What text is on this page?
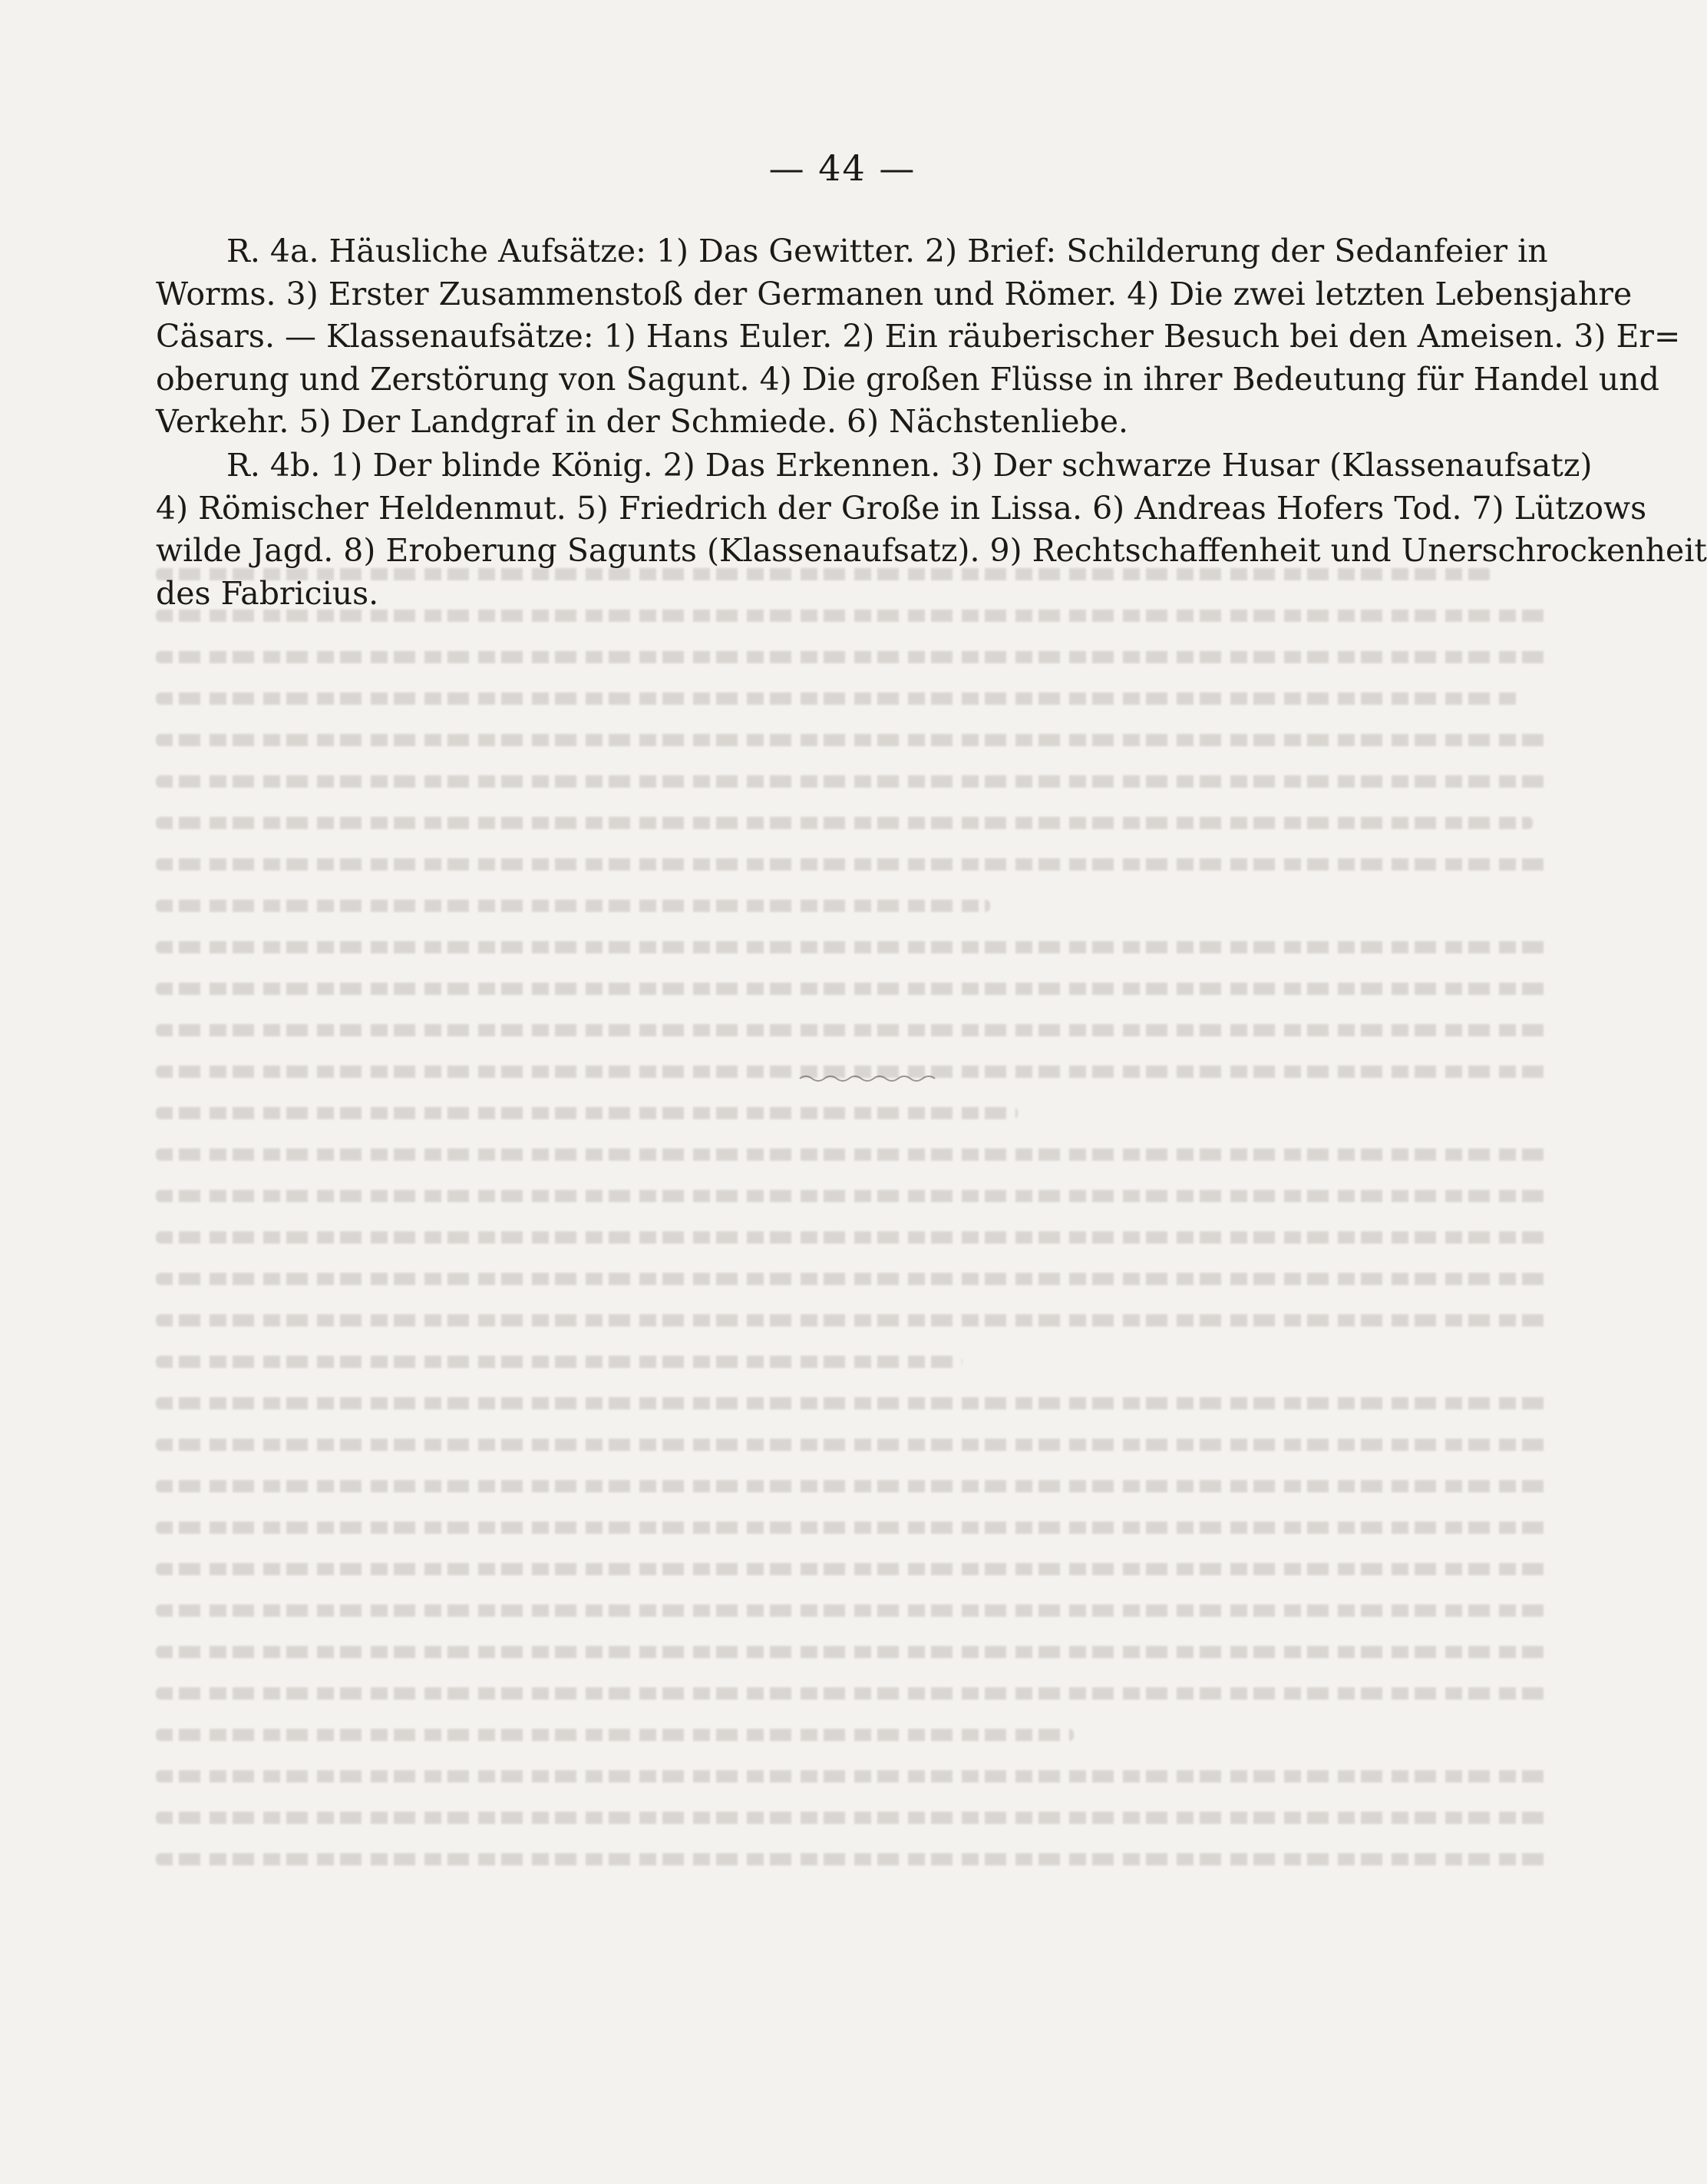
— 44 —
R. 4a. Häusliche Aufsätze: 1) Das Gewitter. 2) Brief: Schilderung der Sedanfeier in
Worms. 3) Erster Zusammenstoß der Germanen und Römer. 4) Die zwei letzten Lebensjahre
Cäsars. — Klassenaufsätze: 1) Hans Euler. 2) Ein räuberischer Besuch bei den Ameisen. 3) Er=
oberung und Zerstörung von Sagunt. 4) Die großen Flüsse in ihrer Bedeutung für Handel und
Verkehr. 5) Der Landgraf in der Schmiede. 6) Nächstenliebe.
R. 4b. 1) Der blinde König. 2) Das Erkennen. 3) Der schwarze Husar (Klassenaufsatz)
4) Römischer Heldenmut. 5) Friedrich der Große in Lissa. 6) Andreas Hofers Tod. 7) Lützows
wilde Jagd. 8) Eroberung Sagunts (Klassenaufsatz). 9) Rechtschaffenheit und Unerschrockenheit
des Fabricius.
